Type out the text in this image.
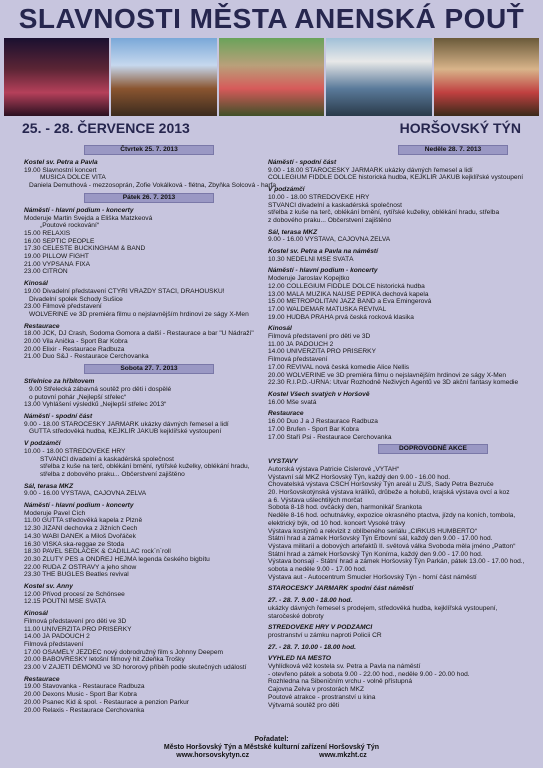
SLAVNOSTI MĚSTA ANENSKÁ POUŤ
25. - 28. ČERVENCE 2013	HORŠOVSKÝ TÝN
Čtvrtek 25. 7. 2013
Kostel sv. Petra a Pavla
19.00 Slavnostní koncert
MUSICA DOLCE VITA
Daniela Demuthová - mezzosoprán, Žofie Vokálková - flétna, Zbyňka Šolcová - harfa
Pátek 26. 7. 2013
Náměstí - hlavní podium - koncerty
Moderuje Martin Švejda a Eliška Matzkeová
„Poutové rockování“
15.00 RELAXIS
16.00 SEPTIC PEOPLE
17.30 CELESTE BUCKINGHAM & BAND
19.00 PILLOW FIGHT
21.00 VYPSANÁ FIXA
23.00 CITRON
Kinosál
19.00 Divadelní představení ČTYŘI VRAŽDY STAČÍ, DRAHOUŠKU!
Divadelní spolek Schody Sušice
23.00 Filmové představení
WOLVERINE ve 3D premiéra filmu o nejslavnějším hrdinovi ze ságy X-Men
Restaurace
18.00 JCK, DJ Crash, Sodoma Gomora a další - Restaurace a bar "U Nádraží"
20.00 Vila Anička - Sport Bar Kobra
20.00 Elixir - Restaurace Radbuza
21.00 Duo S&J - Restaurace Čerchovanka
Sobota 27. 7. 2013
Střelnice za hřbitovem
9.00 Střelecká zábavná soutěž pro děti i dospělé
o putovní pohár „Nejlepší střelec“
13.00 Vyhlášení výsledků „Nejlepší střelec 2013“
Náměstí - spodní část
9.00 - 18.00 STAROČESKÝ JARMARK ukázky dávných řemesel a lidí
GUTTA středověká hudba, KEJKLÍŘ JAKUB kejklířské vystoupení
V podzámčí
10.00 - 18.00 STŘEDOVĚKÉ HRY
ŠTVANCI divadelní a kaskadérská společnost
střelba z kuše na terč, oblékání brnění, rytířské kuželky, oblékání hradu,
střelba z dobového praku... Občerstvení zajištěno
Sál, terasa MKZ
9.00 - 16.00 VÝSTAVA, ČAJOVNA ŽELVA
Náměstí - hlavní podium - koncerty
Moderuje Pavel Cích
11.00 GUTTA středověká kapela z Plzně
12.30 JIŽÁNI dechovka z Jižních Čech
14.30 WABI DANĚK a Miloš Dvořáček
16.30 VISKA ska-reggae ze Stoda
18.30 PAVEL SEDLÁČEK & CADILLAC rock´n´roll
20.30 ŽLUTÝ PES a ONDŘEJ HEJMA legenda českého bigbítu
22.00 RUDA Z OSTRAVY a jeho show
23.30 THE BUGLES Beatles revival
Kostel sv. Anny
12.00 Přívod procesí ze Schönsee
12.15 POUTNÍ MŠE SVATÁ
Kinosál
Filmová představení pro děti ve 3D
11.00 UNIVERZITA PRO PŘÍŠERKY
14.00 JÁ PADOUCH 2
Filmová představení
17.00 OSAMĚLÝ JEZDEC nový dobrodružný film s Johnny Deepem
20.00 BABOVŘESKY letošní filmový hit Zdeňka Trošky
23.00 V ZAJETÍ DÉMONŮ ve 3D hororový příběh podle skutečných událostí
Restaurace
19.00 Stavovanka - Restaurace Radbuza
20.00 Dexons Music - Sport Bar Kobra
20.00 Psanec Kid & spol. - Restaurace a penzion Parkur
20.00 Relaxis - Restaurace Čerchovanka
Neděle 28. 7. 2013
Náměstí - spodní část
9.00 - 18.00 STAROČESKÝ JARMARK ukázky dávných řemesel a lidí
COLLEGIUM FIDDLE DOLCE historická hudba, KEJKLÍŘ JAKUB kejklířské vystoupení
V podzámčí
10.00 - 18.00 STŘEDOVĚKÉ HRY
ŠTVANCI divadelní a kaskadérská společnost
střelba z kuše na terč, oblékání brnění, rytířské kuželky, oblékání hradu, střelba
z dobového praku... Občerstvení zajištěno
Sál, terasa MKZ
9.00 - 16.00 VÝSTAVA, ČAJOVNA ŽELVA
Kostel sv. Petra a Pavla na náměstí
10.30 NEDĚLNÍ MŠE SVATÁ
Náměstí - hlavní podium - koncerty
Moderuje Jaroslav Kopejtko
12.00 COLLEGIUM FIDDLE DOLCE historická hudba
13.00 MALÁ MUZIKA NAUŠE PEPIKA dechová kapela
15.00 METROPOLITAN JAZZ BAND a Eva Emingerová
17.00 WALDEMAR MATUŠKA REVIVAL
19.00 HUDBA PRAHA prvá česká rocková klasika
Kinosál
Filmová představení pro děti ve 3D
11.00 JÁ PADOUCH 2
14.00 UNIVERZITA PRO PŘÍŠERKY
Filmová představení
17.00 REVIVAL nová česká komedie Alice Nellis
20.00 WOLVERINE ve 3D premiéra filmu o nejslavnějším hrdinovi ze ságy X-Men
22.30 R.I.P.D.-URNA: Útvar Rozhodně Neživých Agentů ve 3D akční fantasy komedie
Kostel Všech svatých v Horšově
16.00 Mše svatá
Restaurace
16.00 Duo J a J Restaurace Radbuza
17.00 Brufen - Sport Bar Kobra
17.00 Staří Psi - Restaurace Čerchovanka
DOPROVODNÉ AKCE
VÝSTAVY
Autorská výstava Patricie Cislerové „VÝTAH“
Výstavní sál MKZ Horšovský Týn, každý den 9.00 - 16.00 hod.
Chovatelská výstava ČSCH Horšovský Týn areál u ZUŠ, Sady Petra Bezruče
20. Horšovskotýnská výstava králíků, drůbeže a holubů, krajská výstava ovcí a koz
a 6. Výstava ušlechtilých morčat
Sobota 8-18 hod. ovčácký den, harmonikář Šrankota
Neděle 8-16 hod. ochutnávky, expozice okrasného ptactva, jízdy na koních, tombola,
elektrický býk, od 10 hod. koncert Vysoké trávy
Výstava kostýmů a rekvizit z oblíbeného seriálu „CIRKUS HUMBERTO“
Státní hrad a zámek Horšovský Týn Erbovní sál, každý den 9.00 - 17.00 hod.
Výstava militarií a dobových artefaktů II. světová válka Svoboda měla jméno „Patton“
Státní hrad a zámek Horšovský Týn Konírna, každý den 9.00 - 17.00 hod.
Výstava bonsají - Státní hrad a zámek Horšovský Týn Parkán, pátek 13.00 - 17.00 hod.,
sobota a neděle 9.00 - 17.00 hod.
Výstava aut - Autocentrum Šmucler Horšovský Týn - horní část náměstí
STAROČESKÝ JARMARK spodní část náměstí
27. - 28. 7. 9.00 - 18.00 hod.
ukázky dávných řemesel s prodejem, středověká hudba, kejklířská vystoupení,
staročeské dobroty
STŘEDOVĚKÉ HRY V PODZÁMČÍ
prostranství u zámku naproti Policii ČR
27. - 28. 7. 10.00 - 18.00 hod.
VÝHLED NA MĚSTO
Vyhlídková věž kostela sv. Petra a Pavla na náměstí
- otevřeno pátek a sobota 9.00 - 22.00 hod., neděle 9.00 - 20.00 hod.
Rozhledna na Šibeničním vrchu - volně přístupná
Čajovna Želva v prostorách MKZ
Poutové atrakce - prostranství u kina
Výtvarná soutěž pro děti
Pořadatel:
Město Horšovský Týn a Městské kulturní zařízení Horšovský Týn
www.horsovskytyn.cz                                    www.mkzht.cz
